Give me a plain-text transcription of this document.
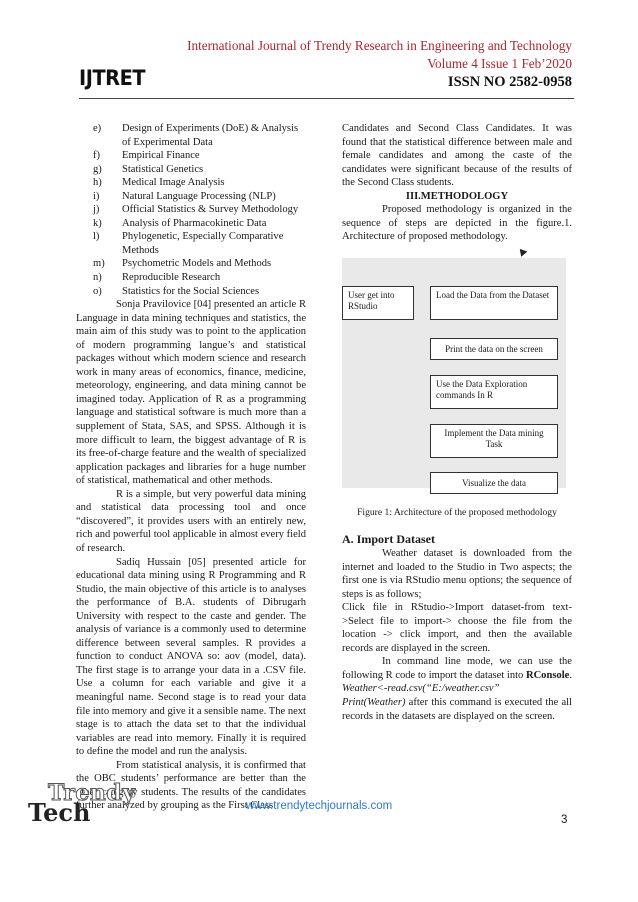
International Journal of Trendy Research in Engineering and Technology
Volume 4 Issue 1 Feb’2020
ISSN NO 2582-0958
IJTRET
e) Design of Experiments (DoE) & Analysis of Experimental Data
f) Empirical Finance
g) Statistical Genetics
h) Medical Image Analysis
i) Natural Language Processing (NLP)
j) Official Statistics & Survey Methodology
k) Analysis of Pharmacokinetic Data
l) Phylogenetic, Especially Comparative Methods
m) Psychometric Models and Methods
n) Reproducible Research
o) Statistics for the Social Sciences

Sonja Pravilovice [04] presented an article R Language in data mining techniques and statistics, the main aim of this study was to point to the application of modern programming langue’s and statistical packages without which modern science and research work in many areas of economics, finance, medicine, meteorology, engineering, and data mining cannot be imagined today. Application of R as a programming language and statistical software is much more than a supplement of Stata, SAS, and SPSS. Although it is more difficult to learn, the biggest advantage of R is its free-of-charge feature and the wealth of specialized application packages and libraries for a huge number of statistical, mathematical and other methods.

R is a simple, but very powerful data mining and statistical data processing tool and once “discovered”, it provides users with an entirely new, rich and powerful tool applicable in almost every field of research.

Sadiq Hussain [05] presented article for educational data mining using R Programming and R Studio, the main objective of this article is to analyses the performance of B.A. students of Dibrugarh University with respect to the caste and gender. The analysis of variance is a commonly used to determine difference between several samples. R provides a function to conduct ANOVA so: aov (model, data). The first stage is to arrange your data in a .CSV file. Use a column for each variable and give it a meaningful name. Second stage is to read your data file into memory and give it a sensible name. The next stage is to attach the data set to that the individual variables are read into memory. Finally it is required to define the model and run the analysis.

From statistical analysis, it is confirmed that the OBC students’ performance are better than the other category students. The results of the candidates further analyzed by grouping as the First Class

Candidates and Second Class Candidates. It was found that the statistical difference between male and female candidates and among the caste of the candidates were significant because of the results of the Second Class students.

III.METHODOLOGY

Proposed methodology is organized in the sequence of steps are depicted in the figure.1. Architecture of proposed methodology.

User get into RStudio
Load the Data from the Dataset
Print the data on the screen
Use the Data Exploration commands In R
Implement the Data mining Task
Visualize the data

Figure 1: Architecture of the proposed methodology

A. Import Dataset

Weather dataset is downloaded from the internet and loaded to the Studio in Two aspects; the first one is via RStudio menu options; the sequence of steps is as follows;

Click file in RStudio->Import dataset-from text->Select file to import-> choose the file from the location -> click import, and then the available records are displayed in the screen.

In command line mode, we can use the following R code to import the dataset into RConsole.

Weather<-read.csv(“E:/weather.csv”

Print(Weather) after this command is executed the all records in the datasets are displayed on the screen.

Trendy
Tech	www.trendytechjournals.com
3
